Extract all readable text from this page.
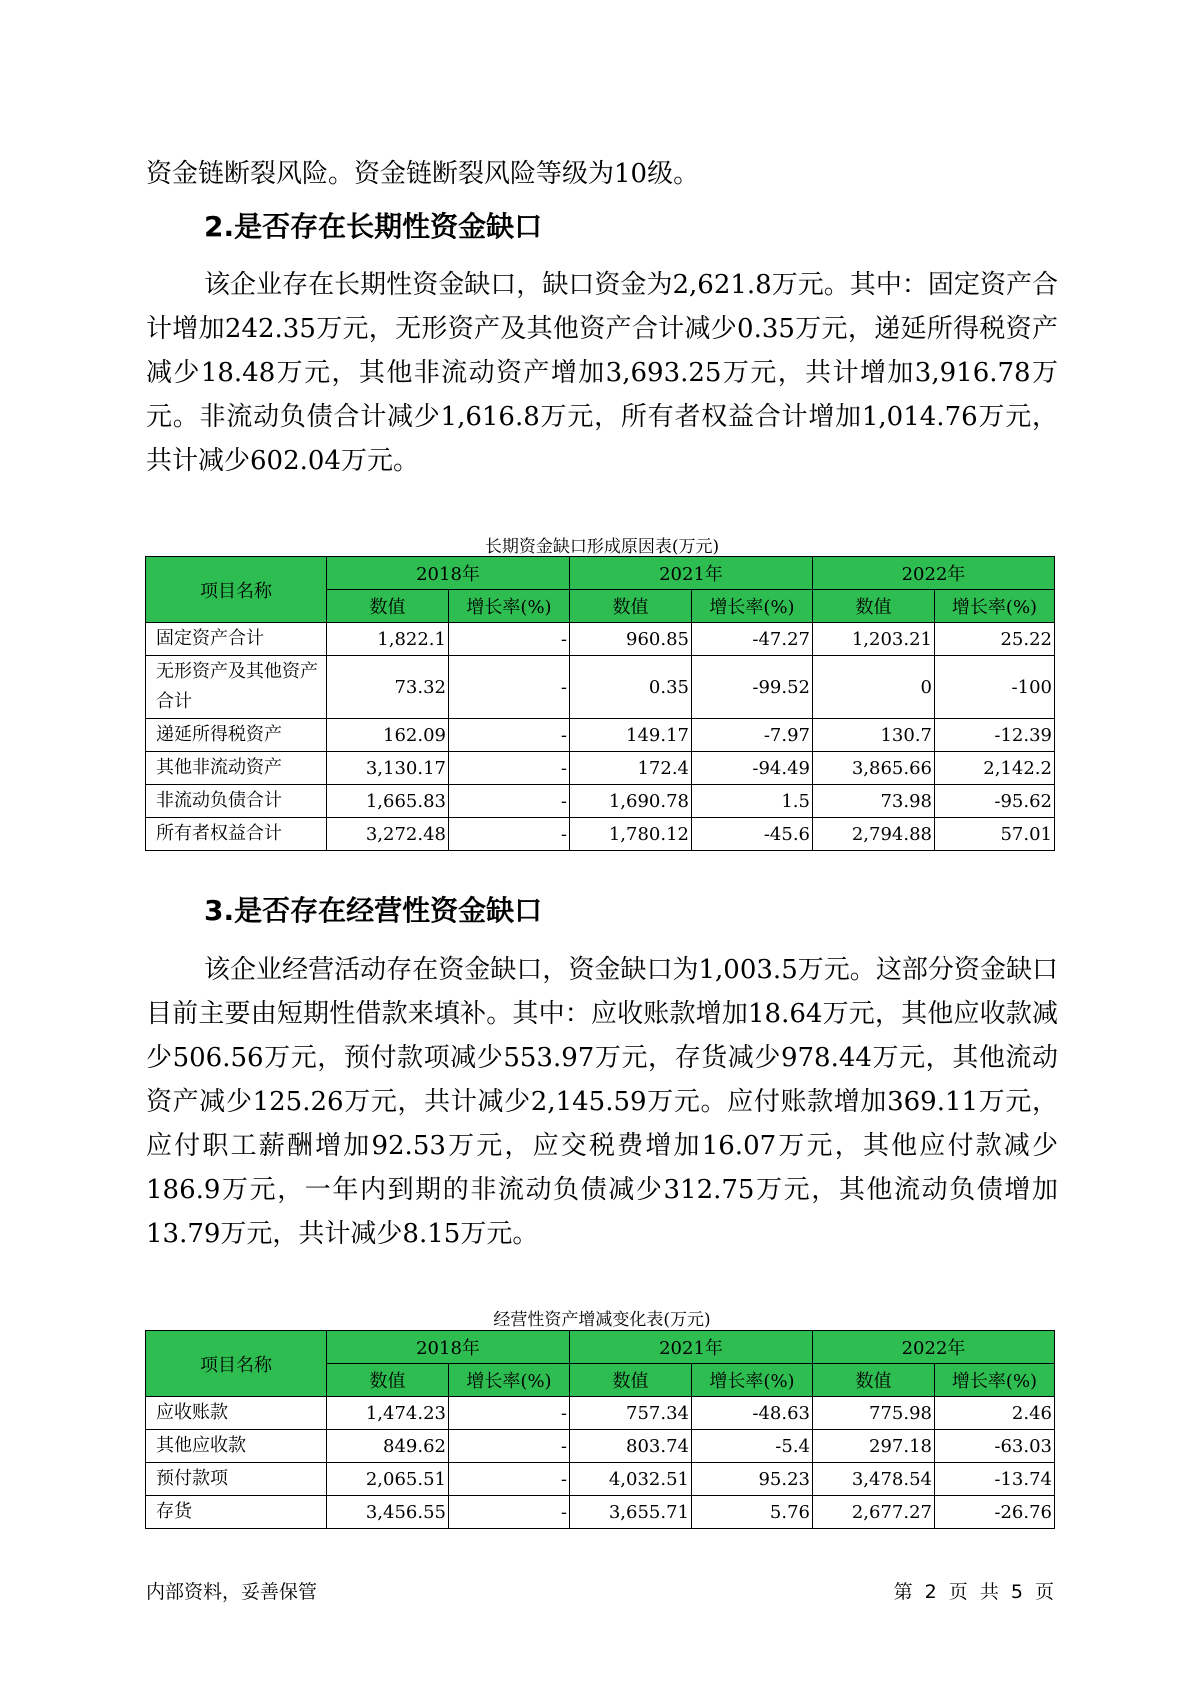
资金链断裂风险。资金链断裂风险等级为10级。

2.是否存在长期性资金缺口

该企业存在长期性资金缺口，缺口资金为2,621.8万元。其中：固定资产合计增加242.35万元，无形资产及其他资产合计减少0.35万元，递延所得税资产减少18.48万元，其他非流动资产增加3,693.25万元，共计增加3,916.78万元。非流动负债合计减少1,616.8万元，所有者权益合计增加1,014.76万元，共计减少602.04万元。

长期资金缺口形成原因表(万元)
项目名称	2018年		2021年		2022年	
	数值	增长率(%)	数值	增长率(%)	数值	增长率(%)
固定资产合计	1,822.1	-	960.85	-47.27	1,203.21	25.22
无形资产及其他资产合计	73.32	-	0.35	-99.52	0	-100
递延所得税资产	162.09	-	149.17	-7.97	130.7	-12.39
其他非流动资产	3,130.17	-	172.4	-94.49	3,865.66	2,142.2
非流动负债合计	1,665.83	-	1,690.78	1.5	73.98	-95.62
所有者权益合计	3,272.48	-	1,780.12	-45.6	2,794.88	57.01
3.是否存在经营性资金缺口

该企业经营活动存在资金缺口，资金缺口为1,003.5万元。这部分资金缺口目前主要由短期性借款来填补。其中：应收账款增加18.64万元，其他应收款减少506.56万元，预付款项减少553.97万元，存货减少978.44万元，其他流动资产减少125.26万元，共计减少2,145.59万元。应付账款增加369.11万元，应付职工薪酬增加92.53万元，应交税费增加16.07万元，其他应付款减少186.9万元，一年内到期的非流动负债减少312.75万元，其他流动负债增加13.79万元，共计减少8.15万元。

经营性资产增减变化表(万元)
项目名称	2018年		2021年		2022年	
	数值	增长率(%)	数值	增长率(%)	数值	增长率(%)
应收账款	1,474.23	-	757.34	-48.63	775.98	2.46
其他应收款	849.62	-	803.74	-5.4	297.18	-63.03
预付款项	2,065.51	-	4,032.51	95.23	3,478.54	-13.74
存货	3,456.55	-	3,655.71	5.76	2,677.27	-26.76
内部资料，妥善保管	第 2 页 共 5 页
